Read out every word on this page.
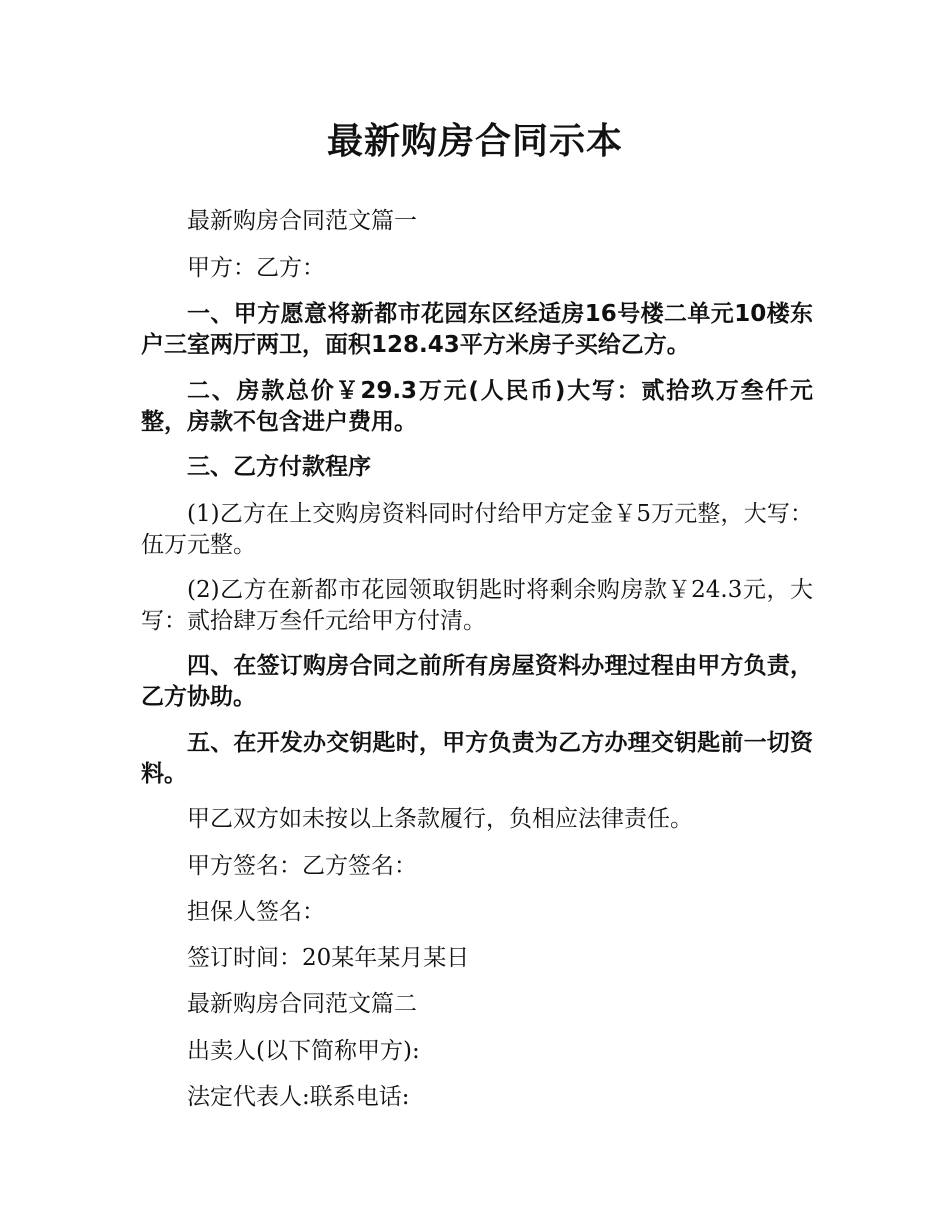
最新购房合同示本

最新购房合同范文篇一

甲方：乙方：

一、甲方愿意将新都市花园东区经适房16号楼二单元10楼东户三室两厅两卫，面积128.43平方米房子买给乙方。

二、房款总价￥29.3万元(人民币)大写：贰拾玖万叁仟元整，房款不包含进户费用。

三、乙方付款程序

(1)乙方在上交购房资料同时付给甲方定金￥5万元整，大写：伍万元整。

(2)乙方在新都市花园领取钥匙时将剩余购房款￥24.3元，大写：贰拾肆万叁仟元给甲方付清。

四、在签订购房合同之前所有房屋资料办理过程由甲方负责，乙方协助。

五、在开发办交钥匙时，甲方负责为乙方办理交钥匙前一切资料。

甲乙双方如未按以上条款履行，负相应法律责任。

甲方签名：乙方签名：

担保人签名：

签订时间：20某年某月某日

最新购房合同范文篇二

出卖人(以下简称甲方):

法定代表人:联系电话:
